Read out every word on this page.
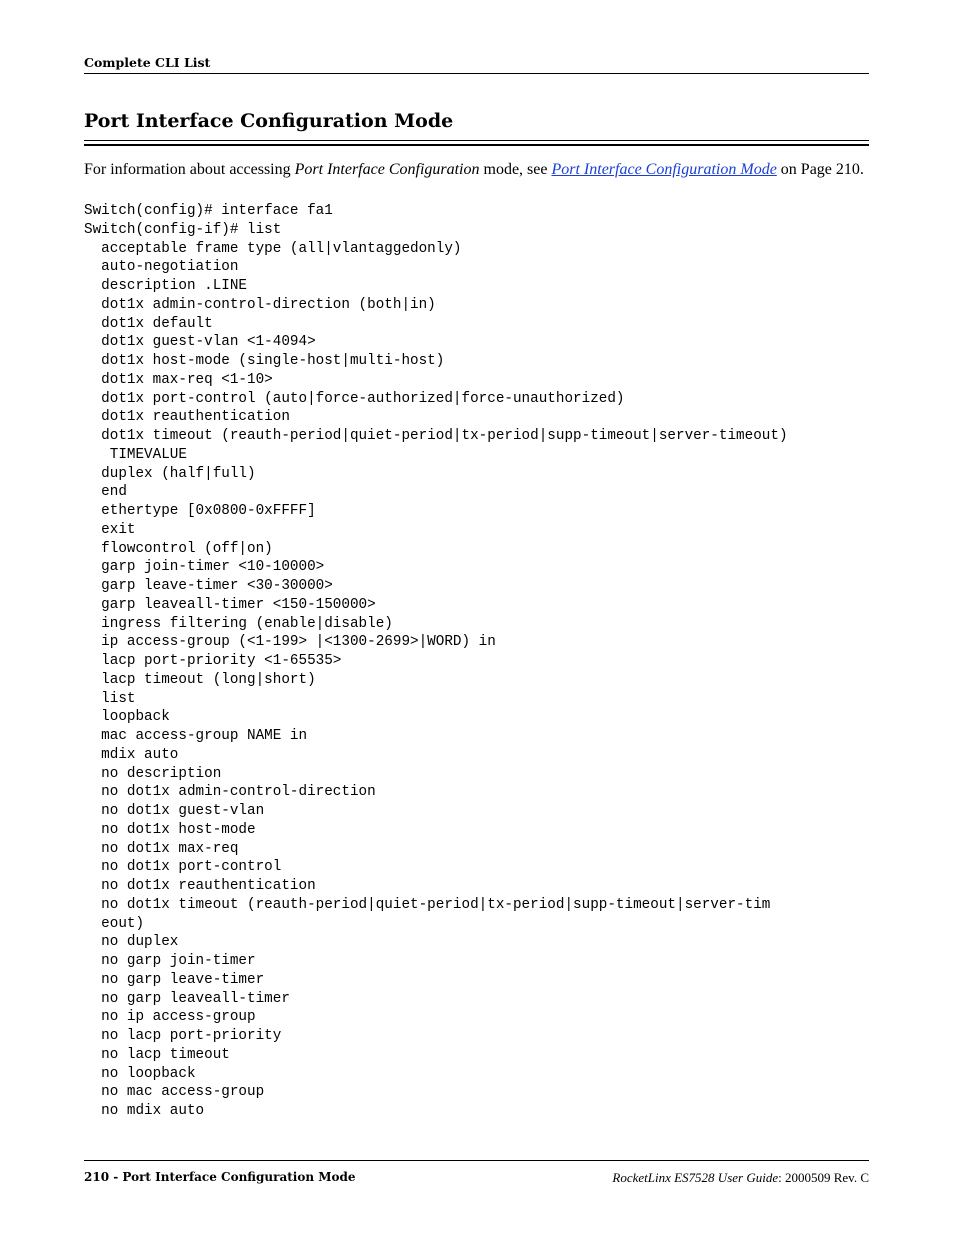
Complete CLI List
Port Interface Configuration Mode
For information about accessing Port Interface Configuration mode, see Port Interface Configuration Mode on Page 210.
Switch(config)# interface fa1
Switch(config-if)# list
acceptable frame type (all|vlantaggedonly)
auto-negotiation
description .LINE
dot1x admin-control-direction (both|in)
dot1x default
dot1x guest-vlan <1-4094>
dot1x host-mode (single-host|multi-host)
dot1x max-req <1-10>
dot1x port-control (auto|force-authorized|force-unauthorized)
dot1x reauthentication
dot1x timeout (reauth-period|quiet-period|tx-period|supp-timeout|server-timeout)
TIMEVALUE
duplex (half|full)
end
ethertype [0x0800-0xFFFF]
exit
flowcontrol (off|on)
garp join-timer <10-10000>
garp leave-timer <30-30000>
garp leaveall-timer <150-150000>
ingress filtering (enable|disable)
ip access-group (<1-199> |<1300-2699>|WORD) in
lacp port-priority <1-65535>
lacp timeout (long|short)
list
loopback
mac access-group NAME in
mdix auto
no description
no dot1x admin-control-direction
no dot1x guest-vlan
no dot1x host-mode
no dot1x max-req
no dot1x port-control
no dot1x reauthentication
no dot1x timeout (reauth-period|quiet-period|tx-period|supp-timeout|server-tim
eout)
no duplex
no garp join-timer
no garp leave-timer
no garp leaveall-timer
no ip access-group
no lacp port-priority
no lacp timeout
no loopback
no mac access-group
no mdix auto
210 - Port Interface Configuration Mode	RocketLinx ES7528 User Guide: 2000509 Rev. C
